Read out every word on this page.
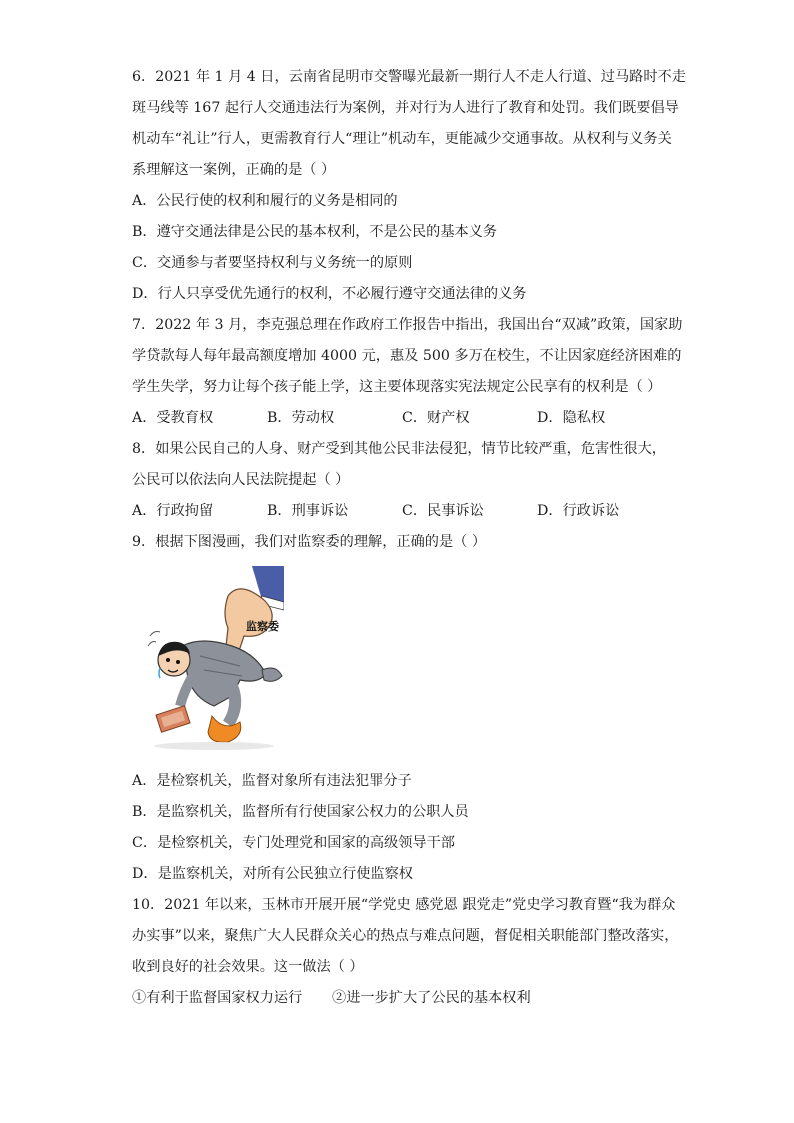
6．2021 年 1 月 4 日，云南省昆明市交警曝光最新一期行人不走人行道、过马路时不走
斑马线等 167 起行人交通违法行为案例，并对行为人进行了教育和处罚。我们既要倡导
机动车“礼让”行人，更需教育行人“理让”机动车，更能减少交通事故。从权利与义务关
系理解这一案例，正确的是（ ）
A．公民行使的权利和履行的义务是相同的
B．遵守交通法律是公民的基本权利，不是公民的基本义务
C．交通参与者要坚持权利与义务统一的原则
D．行人只享受优先通行的权利，不必履行遵守交通法律的义务
7．2022 年 3 月，李克强总理在作政府工作报告中指出，我国出台“双减”政策，国家助
学贷款每人每年最高额度增加 4000 元，惠及 500 多万在校生，不让因家庭经济困难的
学生失学，努力让每个孩子能上学，这主要体现落实宪法规定公民享有的权利是（ ）
A．受教育权	B．劳动权	C．财产权	D．隐私权
8．如果公民自己的人身、财产受到其他公民非法侵犯，情节比较严重，危害性很大，
公民可以依法向人民法院提起（ ）
A．行政拘留	B．刑事诉讼	C．民事诉讼	D．行政诉讼
9．根据下图漫画，我们对监察委的理解，正确的是（ ）
监察委
A．是检察机关，监督对象所有违法犯罪分子
B．是监察机关，监督所有行使国家公权力的公职人员
C．是检察机关，专门处理党和国家的高级领导干部
D．是监察机关，对所有公民独立行使监察权
10．2021 年以来，玉林市开展开展“学党史 感党恩 跟党走”党史学习教育暨“我为群众
办实事”以来，聚焦广大人民群众关心的热点与难点问题，督促相关职能部门整改落实，
收到良好的社会效果。这一做法（ ）
①有利于监督国家权力运行	②进一步扩大了公民的基本权利
